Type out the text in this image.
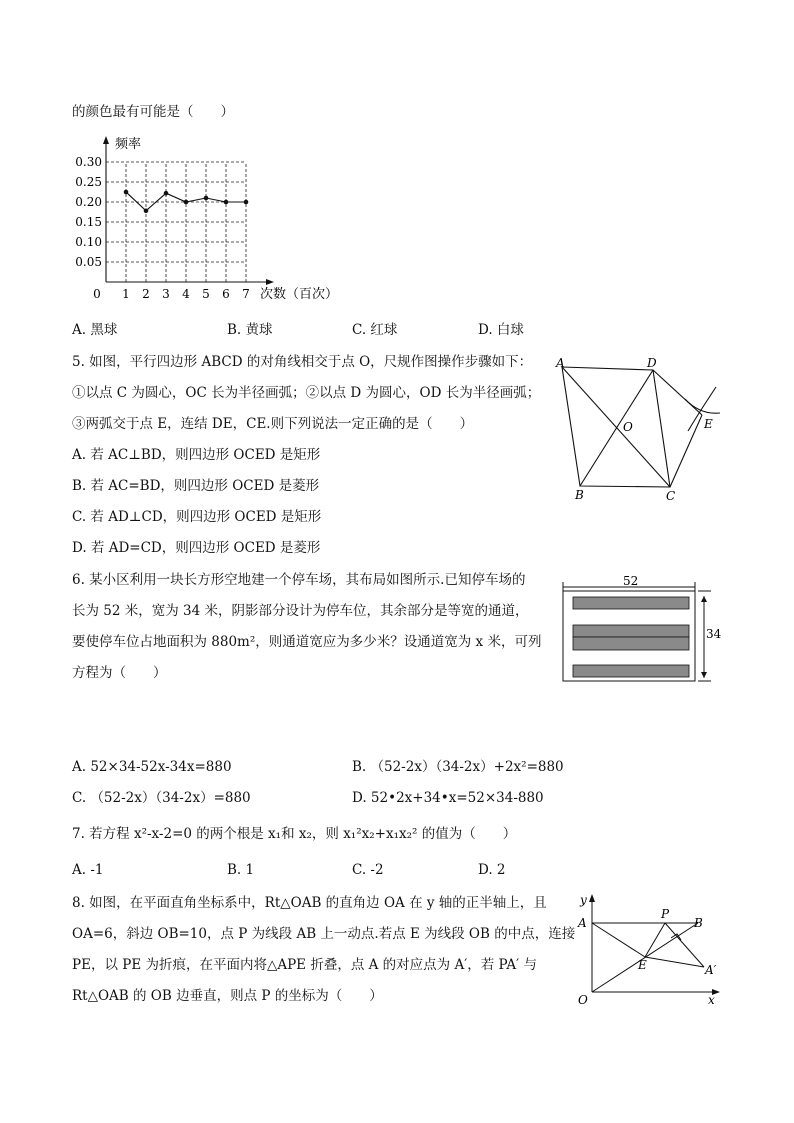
的颜色最有可能是（　　）
0.30
0.25
0.20
0.15
0.10
0.05
1 2 3 4 5 6 7
频率
次数（百次）
0
A. 黑球	B. 黄球	C. 红球	D. 白球
5. 如图，平行四边形 ABCD 的对角线相交于点 O，尺规作图操作步骤如下：
①以点 C 为圆心，OC 长为半径画弧；②以点 D 为圆心，OD 长为半径画弧；
③两弧交于点 E，连结 DE，CE.则下列说法一定正确的是（　　）
A. 若 AC⊥BD，则四边形 OCED 是矩形
B. 若 AC=BD，则四边形 OCED 是菱形
C. 若 AD⊥CD，则四边形 OCED 是矩形
D. 若 AD=CD，则四边形 OCED 是菱形
A	D
O	E
B	C
6. 某小区利用一块长方形空地建一个停车场，其布局如图所示.已知停车场的
长为 52 米，宽为 34 米，阴影部分设计为停车位，其余部分是等宽的通道，
要使停车位占地面积为 880m²，则通道宽应为多少米？设通道宽为 x 米，可列
方程为（　　）
52
34
A. 52×34-52x-34x=880	B. （52-2x）（34-2x）+2x²=880
C. （52-2x）（34-2x）=880	D. 52•2x+34•x=52×34-880
7. 若方程 x²-x-2=0 的两个根是 x₁和 x₂，则 x₁²x₂+x₁x₂² 的值为（　　）
A. -1	B. 1	C. -2	D. 2
8. 如图，在平面直角坐标系中，Rt△OAB 的直角边 OA 在 y 轴的正半轴上，且
OA=6，斜边 OB=10，点 P 为线段 AB 上一动点.若点 E 为线段 OB 的中点，连接
PE，以 PE 为折痕，在平面内将△APE 折叠，点 A 的对应点为 A′，若 PA′ 与
Rt△OAB 的 OB 边垂直，则点 P 的坐标为（　　）
y
A
P
B
E	A′
O	x
